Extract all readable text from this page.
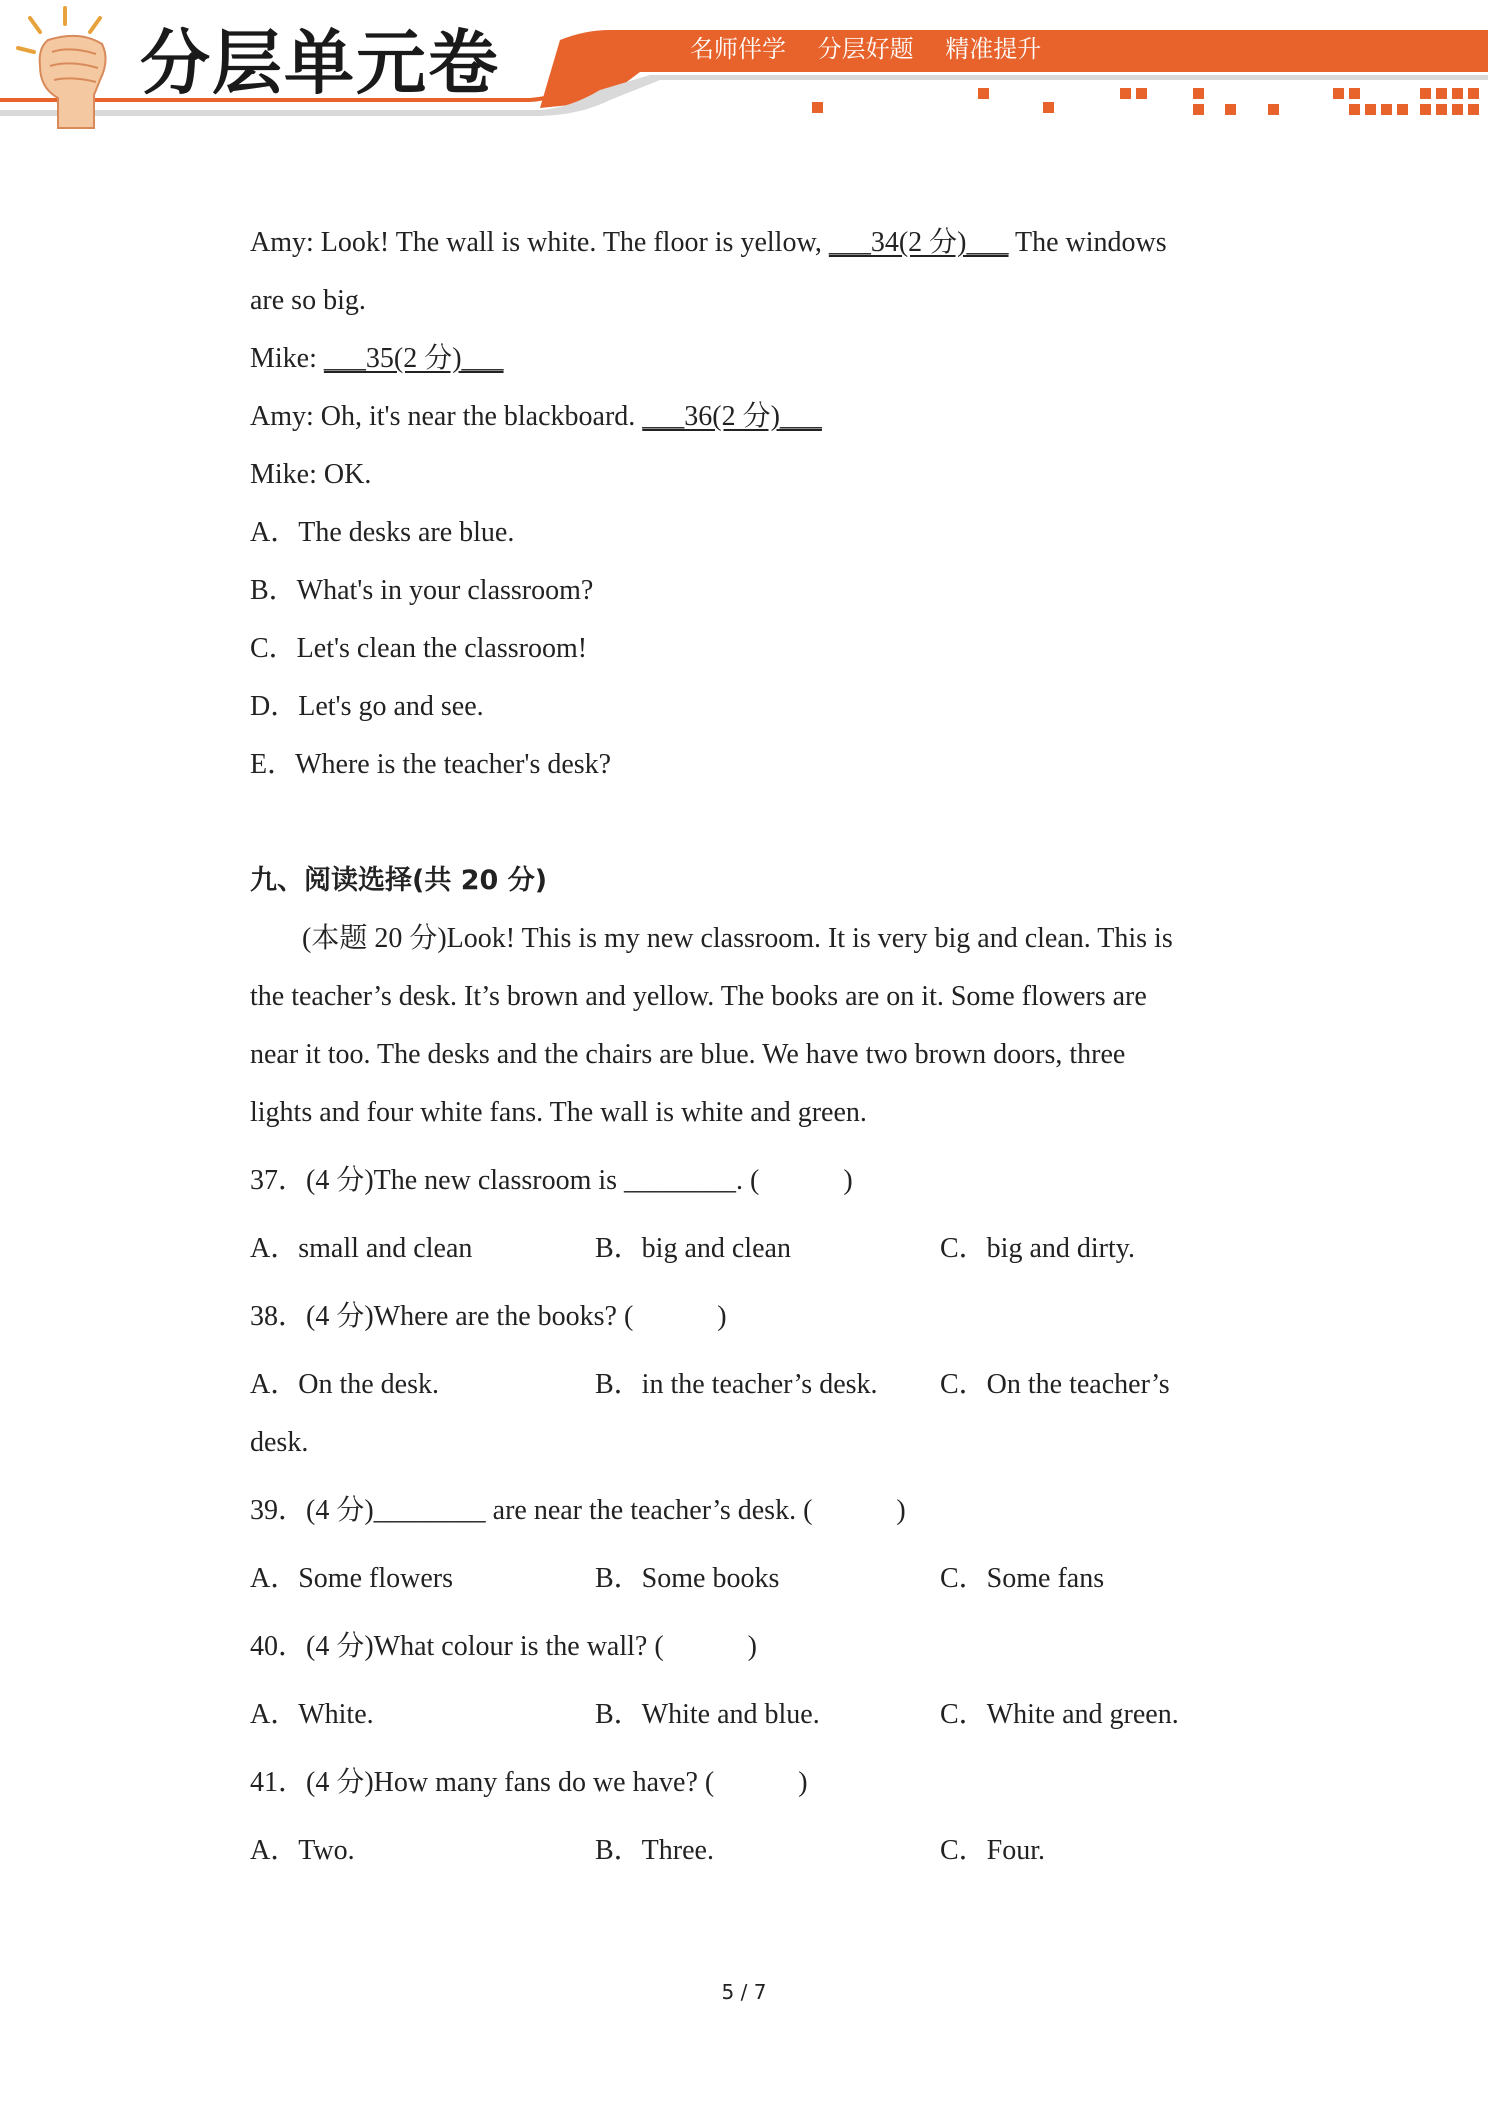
分层单元卷	名师伴学 分层好题 精准提升
Amy: Look! The wall is white. The floor is yellow, ___34(2 分)___ The windows
are so big.
Mike: ___35(2 分)___
Amy: Oh, it's near the blackboard. ___36(2 分)___
Mike: OK.
A．The desks are blue.
B．What's in your classroom?
C．Let's clean the classroom!
D．Let's go and see.
E．Where is the teacher's desk?
九、阅读选择(共 20 分)
(本题 20 分)Look! This is my new classroom. It is very big and clean. This is
the teacher’s desk. It’s brown and yellow. The books are on it. Some flowers are
near it too. The desks and the chairs are blue. We have two brown doors, three
lights and four white fans. The wall is white and green.
37．(4 分)The new classroom is ________. (　　　)
A．small and clean	B．big and clean	C．big and dirty.
38．(4 分)Where are the books? (　　　)
A．On the desk.	B．in the teacher’s desk. C．On the teacher’s
desk.
39．(4 分)________ are near the teacher’s desk. (　　　)
A．Some flowers	B．Some books	C．Some fans
40．(4 分)What colour is the wall? (　　　)
A．White.	B．White and blue.	C．White and green.
41．(4 分)How many fans do we have? (　　　)
A．Two.	B．Three.	C．Four.
5 / 7
